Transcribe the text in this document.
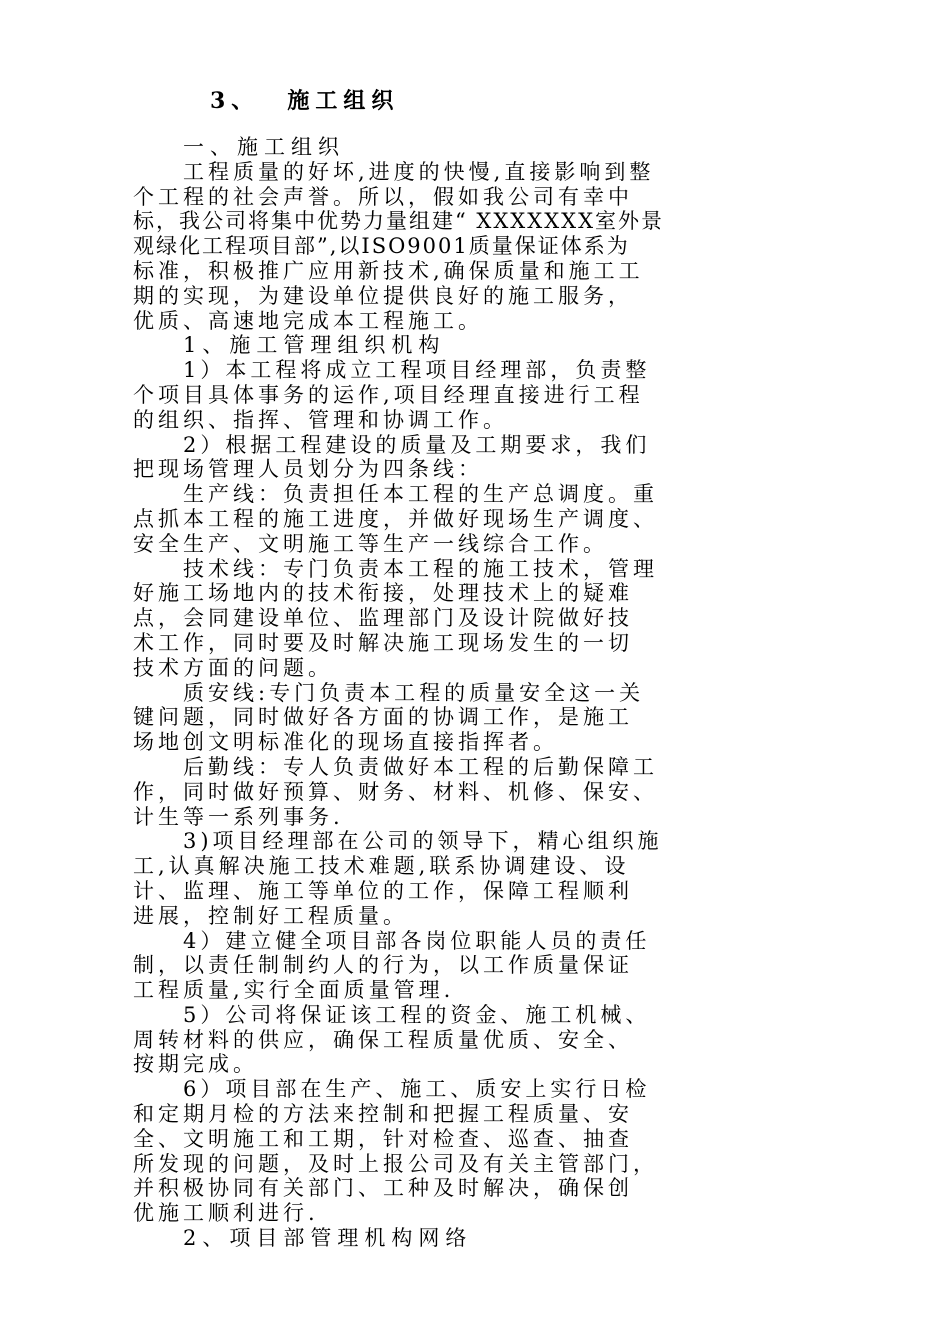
3、 施工组织
一、施工组织
工程质量的好坏,进度的快慢,直接影响到整
个工程的社会声誉。所以，假如我公司有幸中
标，我公司将集中优势力量组建“ XXXXXXX室外景
观绿化工程项目部”,以ISO9001质量保证体系为
标准，积极推广应用新技术,确保质量和施工工
期的实现，为建设单位提供良好的施工服务，
优质、高速地完成本工程施工。
1、施工管理组织机构
1）本工程将成立工程项目经理部，负责整
个项目具体事务的运作,项目经理直接进行工程
的组织、指挥、管理和协调工作。
2）根据工程建设的质量及工期要求，我们
把现场管理人员划分为四条线：
生产线：负责担任本工程的生产总调度。重
点抓本工程的施工进度，并做好现场生产调度、
安全生产、文明施工等生产一线综合工作。
技术线：专门负责本工程的施工技术，管理
好施工场地内的技术衔接，处理技术上的疑难
点，会同建设单位、监理部门及设计院做好技
术工作，同时要及时解决施工现场发生的一切
技术方面的问题。
质安线:专门负责本工程的质量安全这一关
键问题，同时做好各方面的协调工作，是施工
场地创文明标准化的现场直接指挥者。
后勤线：专人负责做好本工程的后勤保障工
作，同时做好预算、财务、材料、机修、保安、
计生等一系列事务.
3)项目经理部在公司的领导下，精心组织施
工,认真解决施工技术难题,联系协调建设、设
计、监理、施工等单位的工作，保障工程顺利
进展，控制好工程质量。
4）建立健全项目部各岗位职能人员的责任
制，以责任制制约人的行为，以工作质量保证
工程质量,实行全面质量管理.
5）公司将保证该工程的资金、施工机械、
周转材料的供应，确保工程质量优质、安全、
按期完成。
6）项目部在生产、施工、质安上实行日检
和定期月检的方法来控制和把握工程质量、安
全、文明施工和工期，针对检查、巡查、抽查
所发现的问题，及时上报公司及有关主管部门，
并积极协同有关部门、工种及时解决，确保创
优施工顺利进行.
2、项目部管理机构网络
